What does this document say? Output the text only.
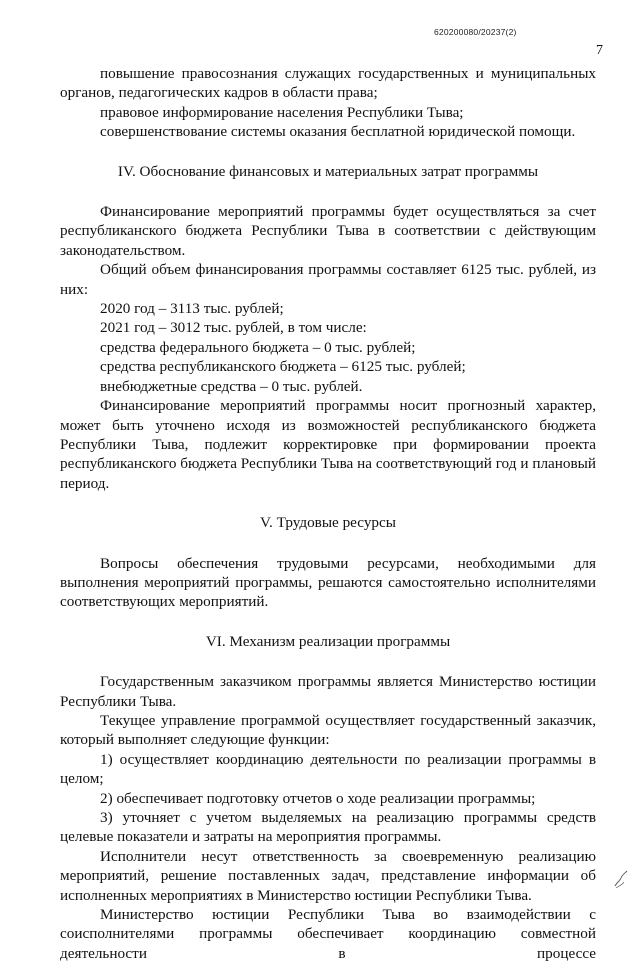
620200080/20237(2)
7

повышение правосознания служащих государственных и муниципальных органов, педагогических кадров в области права;

правовое информирование населения Республики Тыва;

совершенствование системы оказания бесплатной юридической помощи.

IV. Обоснование финансовых и материальных затрат программы

Финансирование мероприятий программы будет осуществляться за счет республиканского бюджета Республики Тыва в соответствии с действующим законодательством.

Общий объем финансирования программы составляет 6125 тыс. рублей, из них:

2020 год – 3113 тыс. рублей;

2021 год – 3012 тыс. рублей, в том числе:

средства федерального бюджета – 0 тыс. рублей;

средства республиканского бюджета – 6125 тыс. рублей;

внебюджетные средства – 0 тыс. рублей.

Финансирование мероприятий программы носит прогнозный характер, может быть уточнено исходя из возможностей республиканского бюджета Республики Тыва, подлежит корректировке при формировании проекта республиканского бюджета Республики Тыва на соответствующий год и плановый период.

V. Трудовые ресурсы

Вопросы обеспечения трудовыми ресурсами, необходимыми для выполнения мероприятий программы, решаются самостоятельно исполнителями соответствующих мероприятий.

VI. Механизм реализации программы

Государственным заказчиком программы является Министерство юстиции Республики Тыва.

Текущее управление программой осуществляет государственный заказчик, который выполняет следующие функции:

1) осуществляет координацию деятельности по реализации программы в целом;

2) обеспечивает подготовку отчетов о ходе реализации программы;

3) уточняет с учетом выделяемых на реализацию программы средств целевые показатели и затраты на мероприятия программы.

Исполнители несут ответственность за своевременную реализацию мероприятий, решение поставленных задач, представление информации об исполненных мероприятиях в Министерство юстиции Республики Тыва.

Министерство юстиции Республики Тыва во взаимодействии с соисполнителями программы обеспечивает координацию совместной деятельности в процессе
